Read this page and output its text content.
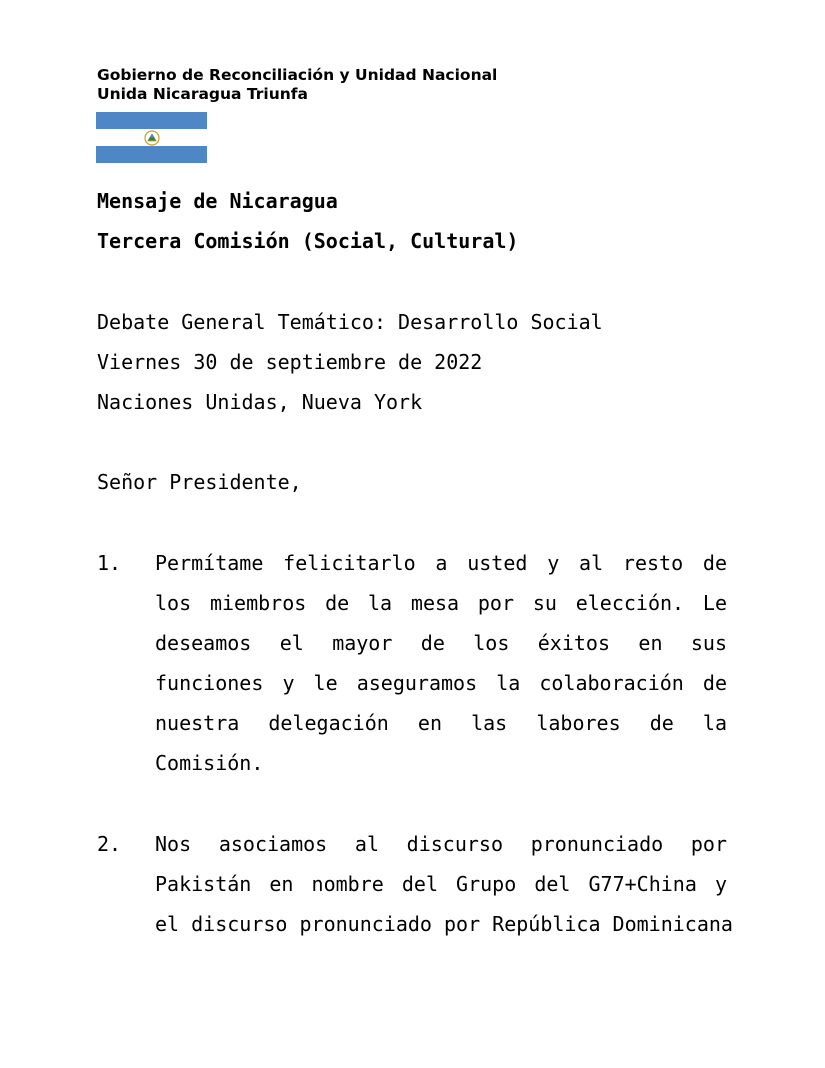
Gobierno de Reconciliación y Unidad Nacional

Unida Nicaragua Triunfa

Mensaje de Nicaragua

Tercera Comisión (Social, Cultural)

Debate General Temático: Desarrollo Social

Viernes 30 de septiembre de 2022

Naciones Unidas, Nueva York

Señor Presidente,

1.	Permítame felicitarlo a usted y al resto de
los miembros de la mesa por su elección. Le
deseamos el mayor de los éxitos en sus
funciones y le aseguramos la colaboración de
nuestra delegación en las labores de la
Comisión.
2.	Nos asociamos al discurso pronunciado por
Pakistán en nombre del Grupo del G77+China y
el discurso pronunciado por República Dominicana
